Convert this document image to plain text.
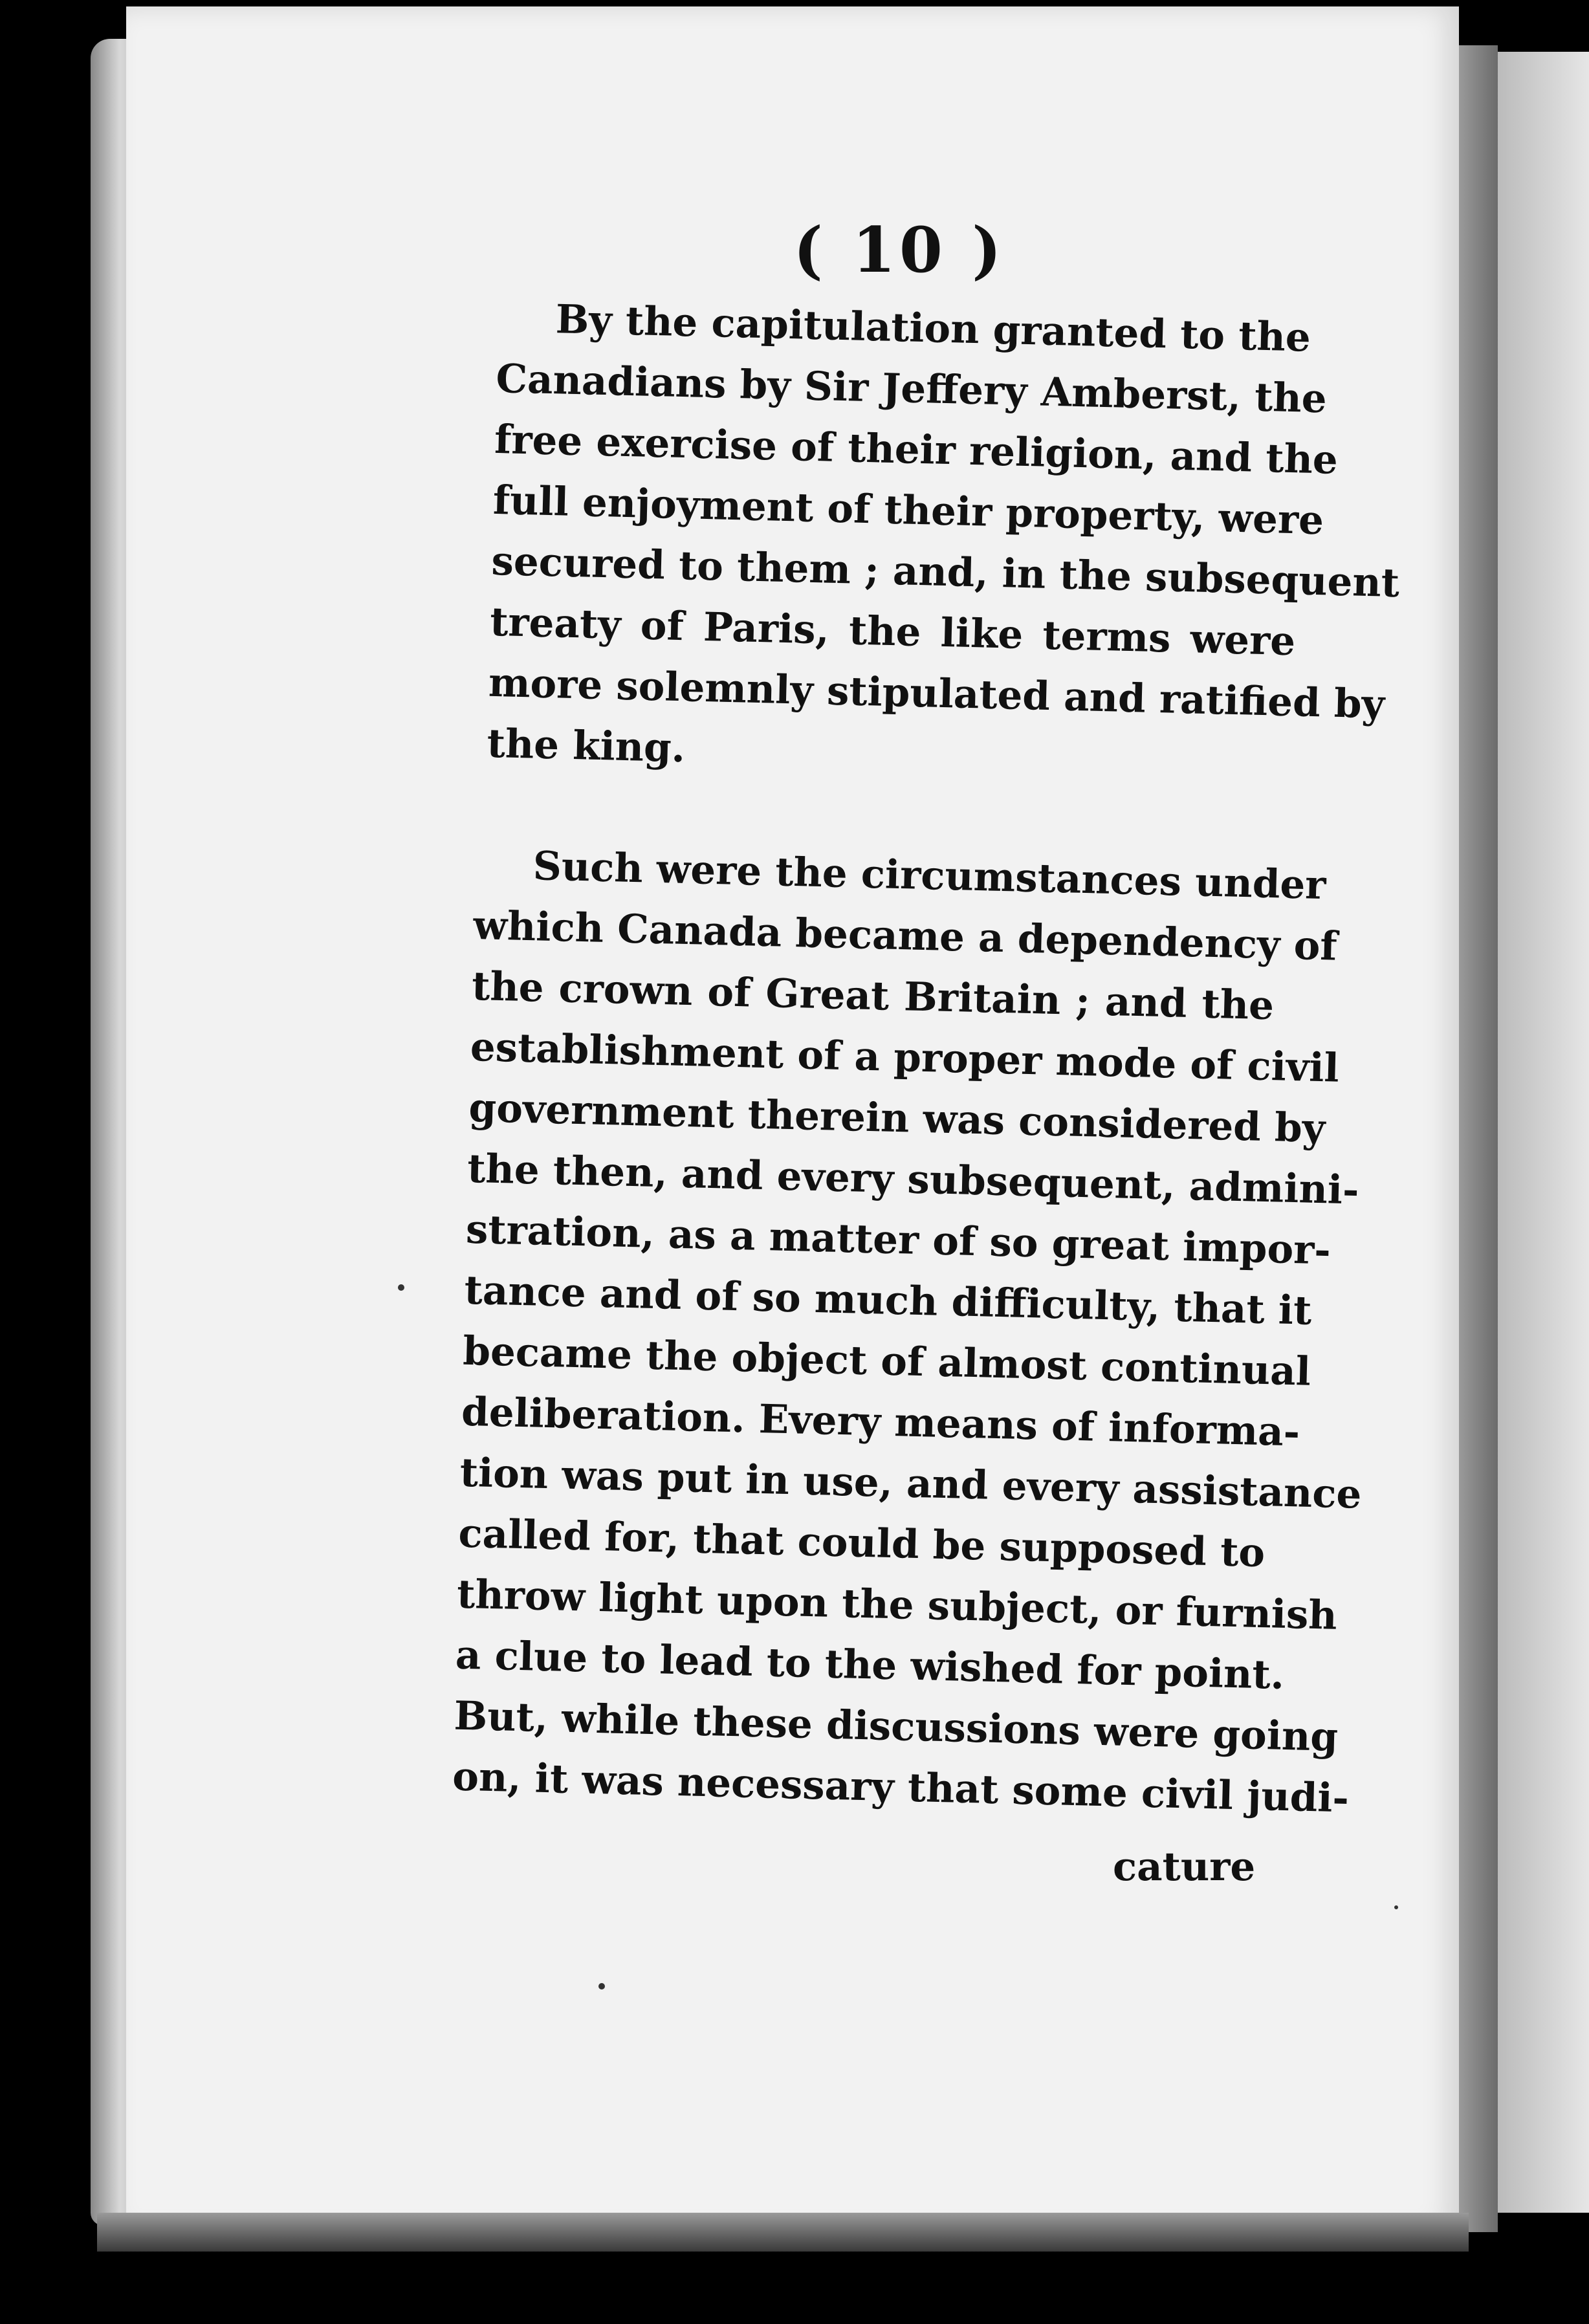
( 10 )
By the capitulation granted to the
Canadians by Sir Jeffery Amberst, the
free exercise of their religion, and the
full enjoyment of their property, were
secured to them ; and, in the subsequent
treaty of Paris, the like terms were
more solemnly stipulated and ratified by
the king.
Such were the circumstances under
which Canada became a dependency of
the crown of Great Britain ; and the
establishment of a proper mode of civil
government therein was considered by
the then, and every subsequent, admini-
stration, as a matter of so great impor-
tance and of so much difficulty, that it
became the object of almost continual
deliberation. Every means of informa-
tion was put in use, and every assistance
called for, that could be supposed to
throw light upon the subject, or furnish
a clue to lead to the wished for point.
But, while these discussions were going
on, it was necessary that some civil judi-
cature
